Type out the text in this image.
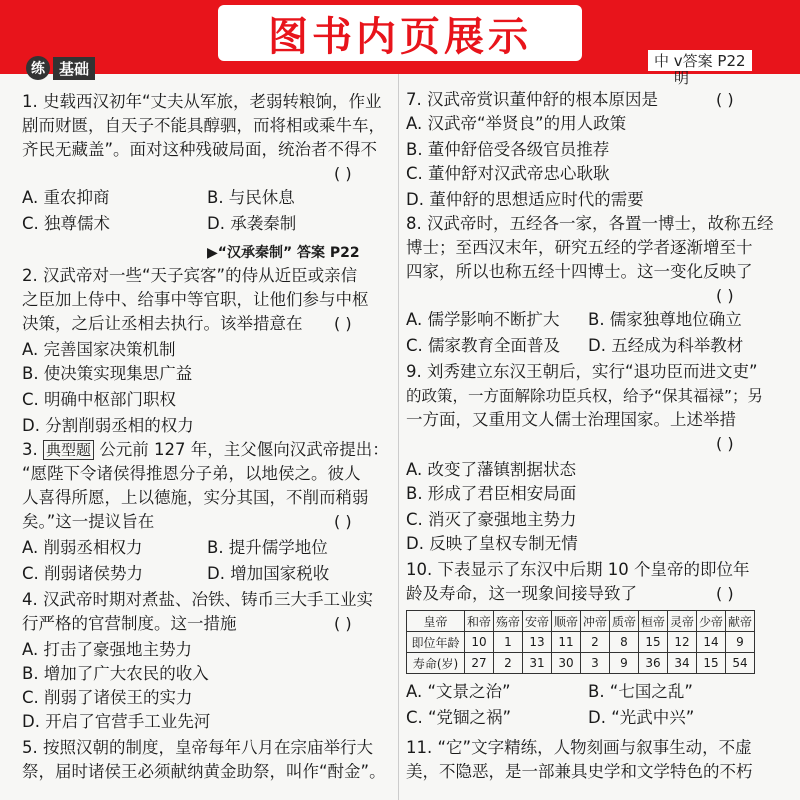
图书内页展示
中 ⅴ答案 P22
练 基础
1. 史载西汉初年“丈夫从军旅，老弱转粮饷，作业
剧而财匮，自天子不能具醇驷，而将相或乘牛车，
齐民无藏盖”。面对这种残破局面，统治者不得不
( )
A. 重农抑商	B. 与民休息
C. 独尊儒术	D. 承袭秦制
▶“汉承秦制” 答案 P22
2. 汉武帝对一些“天子宾客”的侍从近臣或亲信
之臣加上侍中、给事中等官职，让他们参与中枢
决策，之后让丞相去执行。该举措意在 ( )
A. 完善国家决策机制
B. 使决策实现集思广益
C. 明确中枢部门职权
D. 分割削弱丞相的权力
3. 典型题 公元前 127 年，主父偃向汉武帝提出：
“愿陛下令诸侯得推恩分子弟，以地侯之。彼人
人喜得所愿，上以德施，实分其国，不削而稍弱
矣。”这一提议旨在	( )
A. 削弱丞相权力	B. 提升儒学地位
C. 削弱诸侯势力	D. 增加国家税收
4. 汉武帝时期对煮盐、冶铁、铸币三大手工业实
行严格的官营制度。这一措施	( )
A. 打击了豪强地主势力
B. 增加了广大农民的收入
C. 削弱了诸侯王的实力
D. 开启了官营手工业先河
5. 按照汉朝的制度，皇帝每年八月在宗庙举行大
祭，届时诸侯王必须献纳黄金助祭，叫作“酎金”。
明
7. 汉武帝赏识董仲舒的根本原因是	( )
A. 汉武帝“举贤良”的用人政策
B. 董仲舒倍受各级官员推荐
C. 董仲舒对汉武帝忠心耿耿
D. 董仲舒的思想适应时代的需要
8. 汉武帝时，五经各一家，各置一博士，故称五经
博士；至西汉末年，研究五经的学者逐渐增至十
四家，所以也称五经十四博士。这一变化反映了
( )
A. 儒学影响不断扩大 B. 儒家独尊地位确立
C. 儒家教育全面普及 D. 五经成为科举教材
9. 刘秀建立东汉王朝后，实行“退功臣而进文吏”
的政策，一方面解除功臣兵权，给予“保其福禄”；另
一方面，又重用文人儒士治理国家。上述举措
( )
A. 改变了藩镇割据状态
B. 形成了君臣相安局面
C. 消灭了豪强地主势力
D. 反映了皇权专制无情
10. 下表显示了东汉中后期 10 个皇帝的即位年
龄及寿命，这一现象间接导致了	( )
皇帝	和帝	殇帝	安帝	顺帝	冲帝	质帝	桓帝	灵帝	少帝	献帝
即位年龄	10	1	13	11	2	8	15	12	14	9
寿命(岁)	27	2	31	30	3	9	36	34	15	54
A. “文景之治”	B. “七国之乱”
C. “党锢之祸”	D. “光武中兴”
11. “它”文字精练，人物刻画与叙事生动，不虚
美，不隐恶，是一部兼具史学和文学特色的不朽
